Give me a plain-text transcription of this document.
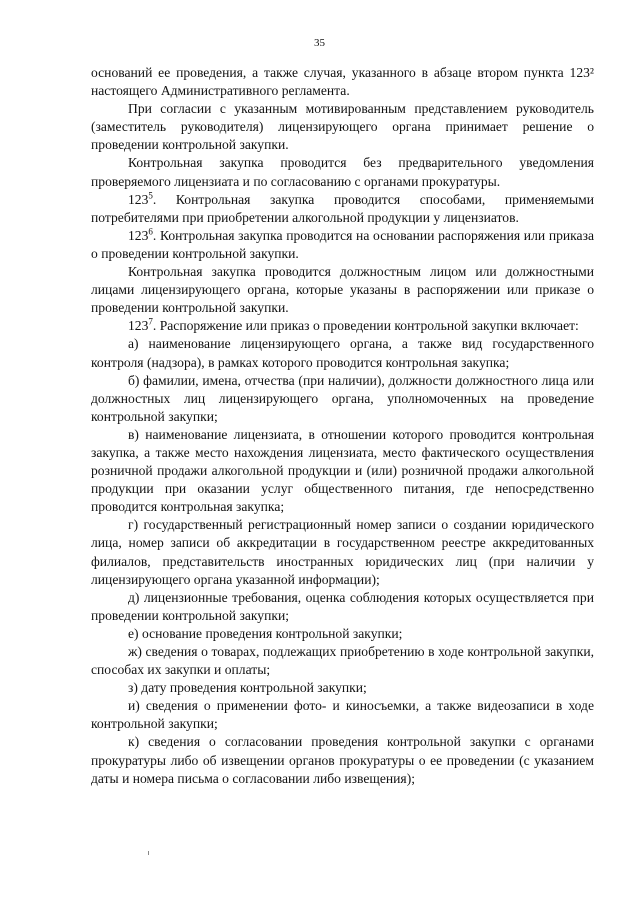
35

оснований ее проведения, а также случая, указанного в абзаце втором пункта 123² настоящего Административного регламента.

При согласии с указанным мотивированным представлением руководитель (заместитель руководителя) лицензирующего органа принимает решение о проведении контрольной закупки.

Контрольная закупка проводится без предварительного уведомления проверяемого лицензиата и по согласованию с органами прокуратуры.

$123^5$. Контрольная закупка проводится способами, применяемыми потребителями при приобретении алкогольной продукции у лицензиатов.

$123^6$. Контрольная закупка проводится на основании распоряжения или приказа о проведении контрольной закупки.

Контрольная закупка проводится должностным лицом или должностными лицами лицензирующего органа, которые указаны в распоряжении или приказе о проведении контрольной закупки.

$123^7$. Распоряжение или приказ о проведении контрольной закупки включает:

а) наименование лицензирующего органа, а также вид государственного контроля (надзора), в рамках которого проводится контрольная закупка;

б) фамилии, имена, отчества (при наличии), должности должностного лица или должностных лиц лицензирующего органа, уполномоченных на проведение контрольной закупки;

в) наименование лицензиата, в отношении которого проводится контрольная закупка, а также место нахождения лицензиата, место фактического осуществления розничной продажи алкогольной продукции и (или) розничной продажи алкогольной продукции при оказании услуг общественного питания, где непосредственно проводится контрольная закупка;

г) государственный регистрационный номер записи о создании юридического лица, номер записи об аккредитации в государственном реестре аккредитованных филиалов, представительств иностранных юридических лиц (при наличии у лицензирующего органа указанной информации);

д) лицензионные требования, оценка соблюдения которых осуществляется при проведении контрольной закупки;

е) основание проведения контрольной закупки;

ж) сведения о товарах, подлежащих приобретению в ходе контрольной закупки, способах их закупки и оплаты;

з) дату проведения контрольной закупки;

и) сведения о применении фото- и киносъемки, а также видеозаписи в ходе контрольной закупки;

к) сведения о согласовании проведения контрольной закупки с органами прокуратуры либо об извещении органов прокуратуры о ее проведении (с указанием даты и номера письма о согласовании либо извещения);
